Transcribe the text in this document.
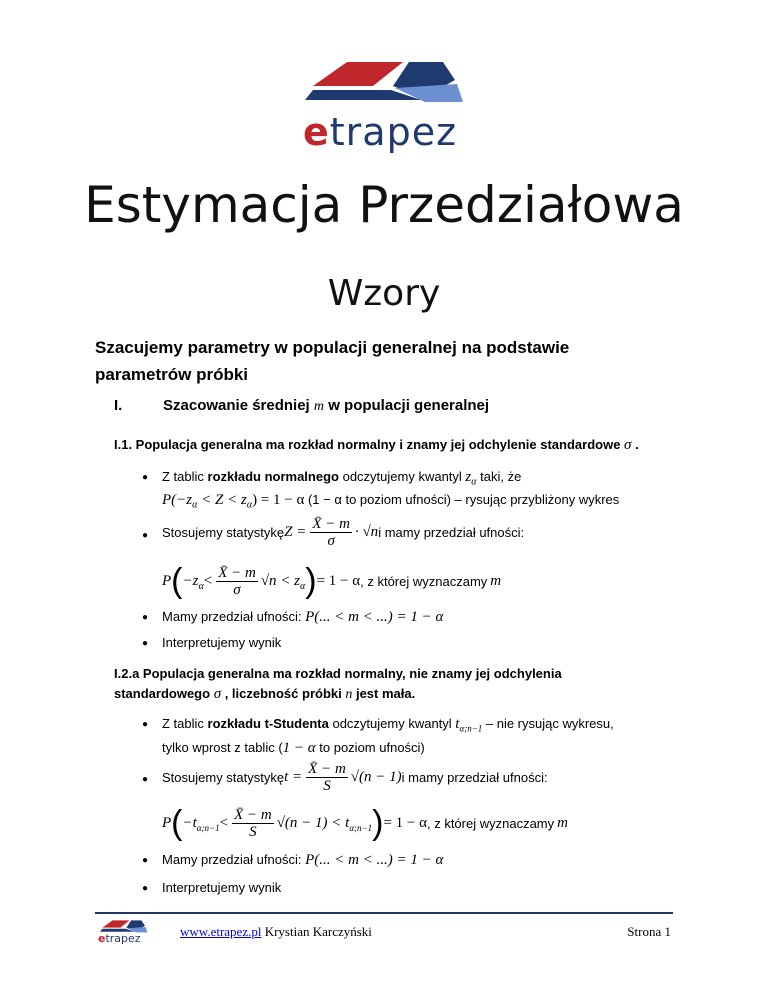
etrapez
Estymacja Przedziałowa
Wzory
Szacujemy parametry w populacji generalnej na podstawie
parametrów próbki
I.	Szacowanie średniej m w populacji generalnej
I.1. Populacja generalna ma rozkład normalny i znamy jej odchylenie standardowe σ .
● Z tablic rozkładu normalnego odczytujemy kwantyl $z_\alpha$ taki, że
$P(-z_\alpha < Z < z_\alpha) = 1 - \alpha$ (1 − α to poziom ufności) – rysując przybliżony wykres
● Stosujemy statystykę $Z = \frac{X̄ - m}{\sigma} \cdot √n$ i mamy przedział ufności:
P ( $-z_\alpha < \frac{X̄ - m}{\sigma} √n < z_\alpha$ ) = 1 − α , z której wyznaczamy m
● Mamy przedział ufności: P(... < m < ...) = 1 − α
● Interpretujemy wynik
I.2.a Populacja generalna ma rozkład normalny, nie znamy jej odchylenia
standardowego σ , liczebność próbki n jest mała.
● Z tablic rozkładu t-Studenta odczytujemy kwantyl $t_{\alpha;n-1}$ – nie rysując wykresu,
tylko wprost z tablic (1 − α to poziom ufności)
● Stosujemy statystykę $t = \frac{X̄ - m}{S} √(n - 1)$ i mamy przedział ufności:
P ( $-t_{\alpha;n-1} < \frac{X̄ - m}{S} √(n - 1) < t_{\alpha;n-1}$ ) = 1 − α , z której wyznaczamy m
● Mamy przedział ufności: P(... < m < ...) = 1 − α
● Interpretujemy wynik
etrapez	www.etrapez.pl Krystian Karczyński	Strona 1
